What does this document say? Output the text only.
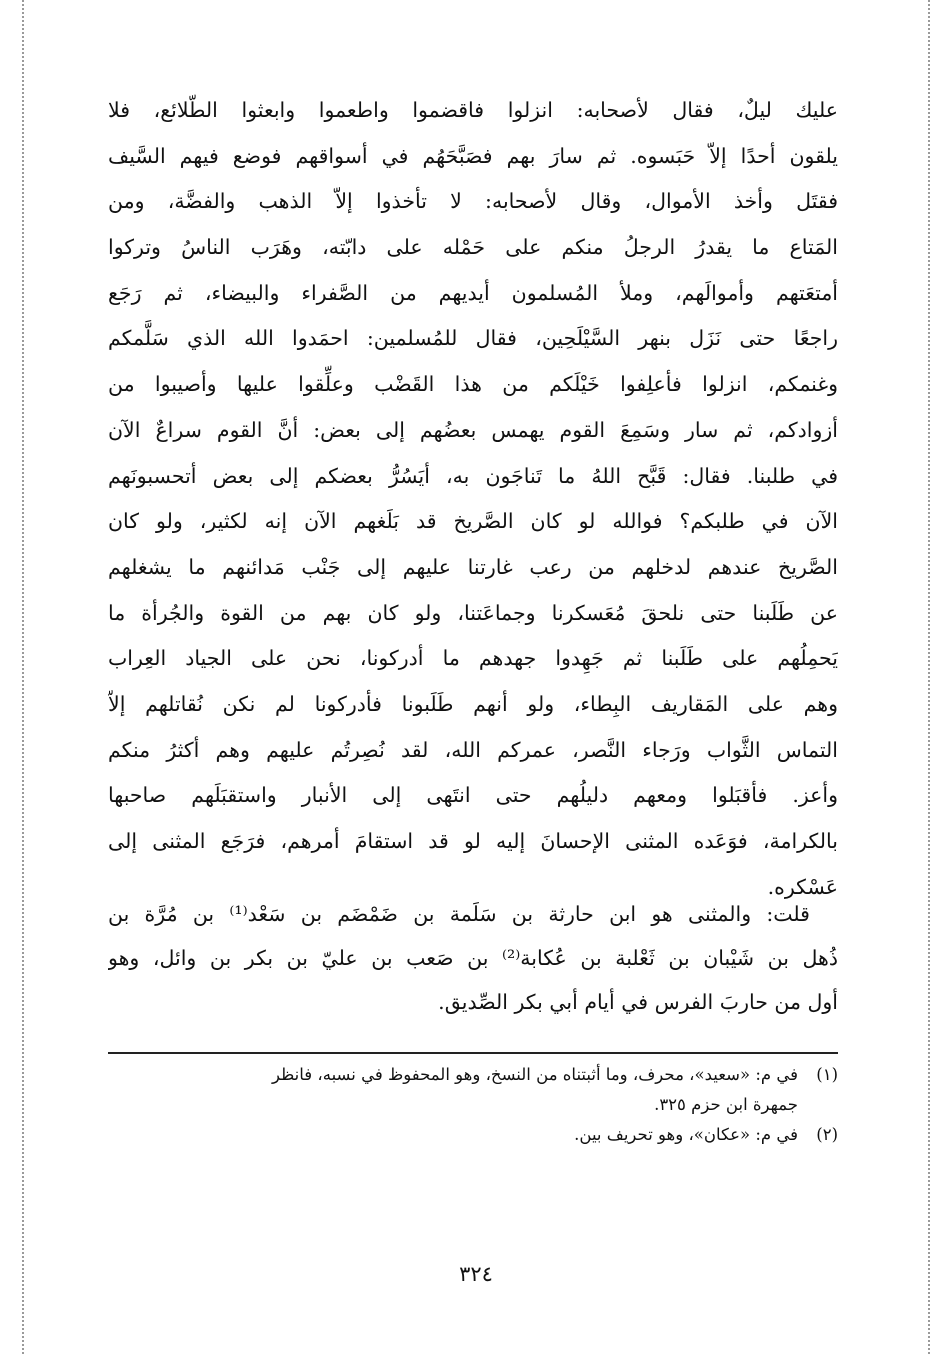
عليك ليلٌ، فقال لأصحابه: انزلوا فاقضموا واطعموا وابعثوا الطّلائع، فلا
يلقون أحدًا إلاّ حَبَسوه. ثم سارَ بهم فصَبَّحَهُم في أسواقهم فوضع فيهم السَّيف
فقتَل وأخذ الأموال، وقال لأصحابه: لا تأخذوا إلاّ الذهب والفضَّة، ومن
المَتاع ما يقدرُ الرجلُ منكم على حَمْله على دابّته، وهَرَب الناسُ وتركوا
أمتعَتهم وأموالَهم، وملأ المُسلمون أيديهم من الصَّفراء والبيضاء، ثم رَجَع
راجعًا حتى نَزَل بنهر السَّيْلَحِين، فقال للمُسلمين: احمَدوا الله الذي سَلَّمكم
وغنمكم، انزلوا فأعلِفوا خَيْلَكم من هذا القَضْب وعلِّقوا عليها وأصيبوا من
أزوادكم، ثم سار وسَمِعَ القوم يهمس بعضُهم إلى بعض: أنَّ القوم سراعٌ الآن
في طلبنا. فقال: قَبَّح اللهُ ما تَناجَون به، أيَسُرُّ بعضكم إلى بعض أتحسبونَهم
الآن في طلبكم؟ فوالله لو كان الصَّريخ قد بَلَغهم الآن إنه لكثير، ولو كان
الصَّريخ عندهم لدخلهم من رعب غارتنا عليهم إلى جَنْب مَدائنهم ما يشغلهم
عن طَلَبنا حتى نلحقَ مُعَسكرنا وجماعَتنا، ولو كان بهم من القوة والجُرأة ما
يَحمِلُهم على طَلَبنا ثم جَهِدوا جهدهم ما أدركونا، نحن على الجياد العِراب
وهم على المَقاريف البِطاء، ولو أنهم طَلَبونا فأدركونا لم نكن نُقاتلهم إلاّ
التماس الثَّواب ورَجاء النَّصر، عمركم الله، لقد نُصِرتُم عليهم وهم أكثرُ منكم
وأعز. فأقبَلوا ومعهم دليلُهم حتى انتَهى إلى الأنبار واستقبَلَهم صاحبها
بالكرامة، فوَعَده المثنى الإحسانَ إليه لو قد استقامَ أمرهم، فرَجَع المثنى إلى
عَسْكره.
قلت: والمثنى هو ابن حارثة بن سَلَمة بن ضَمْضَم بن سَعْد⁽¹⁾ بن مُرَّة بن
ذُهل بن شَيْبان بن ثَعْلبة بن عُكابة⁽²⁾ بن صَعب بن عليّ بن بكر بن وائل، وهو
أول من حاربَ الفرس في أيام أبي بكر الصِّديق.
(١)في م: «سعيد»، محرف، وما أثبتناه من النسخ، وهو المحفوظ في نسبه، فانظر
جمهرة ابن حزم ٣٢٥.
(٢)في م: «عكان»، وهو تحريف بين.
٣٢٤
